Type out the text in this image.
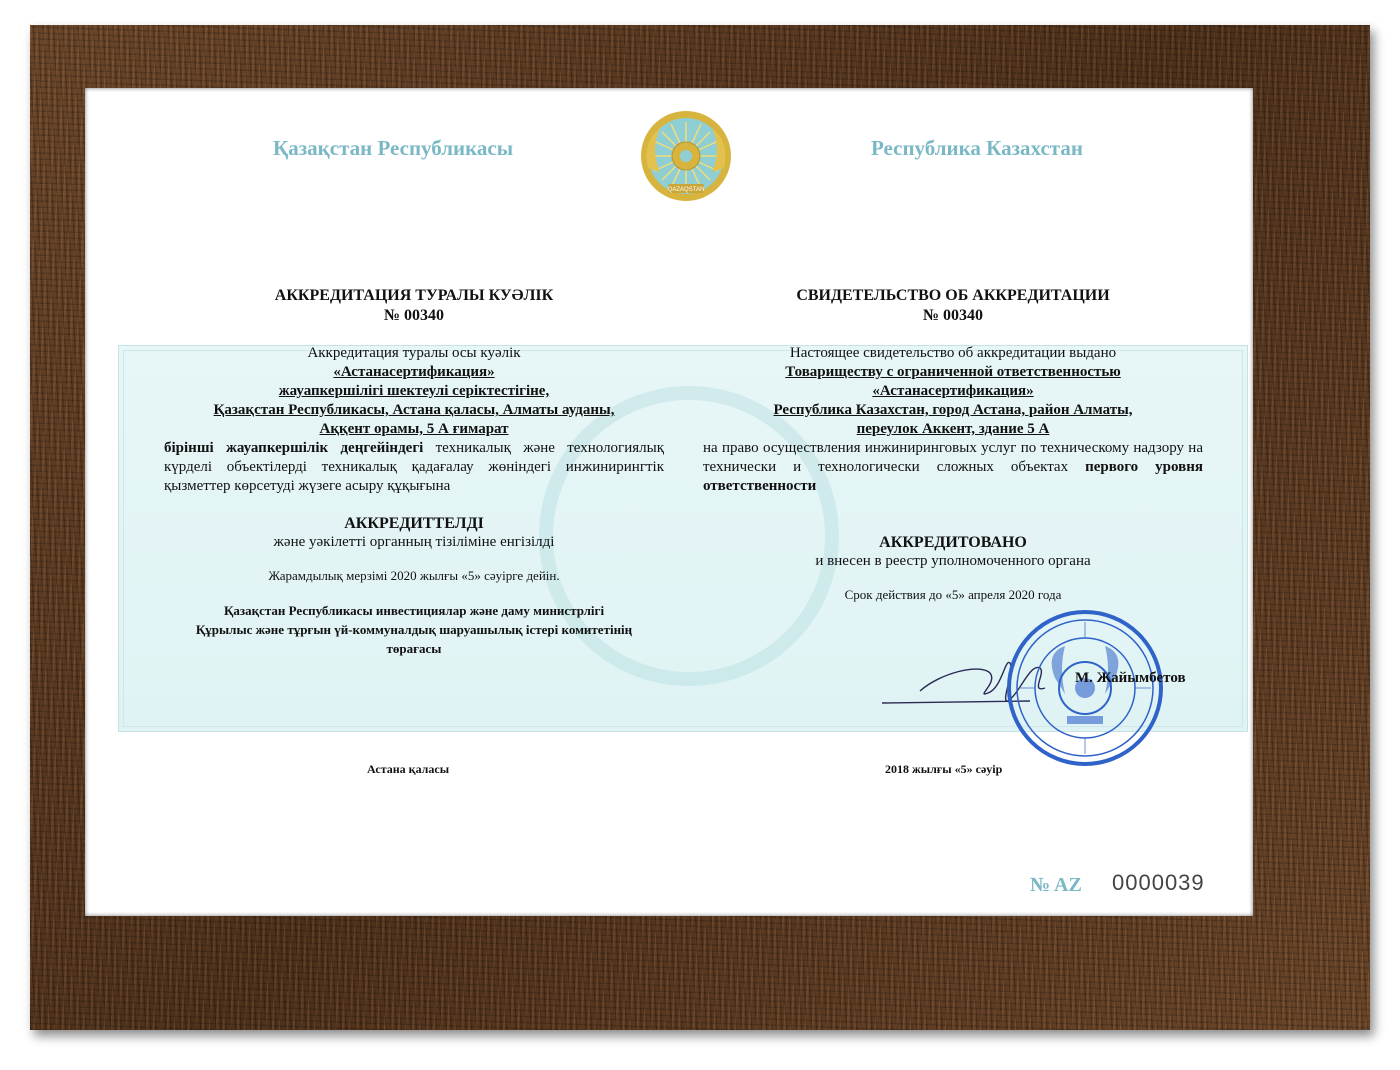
Қазақстан Республикасы	Республика Казахстан
QAZAQSTAN
АККРЕДИТАЦИЯ ТУРАЛЫ КУӘЛІК
№ 00340
Аккредитация туралы осы куәлік
«Астанасертификация»
жауапкершілігі шектеулі серіктестігіне,
Қазақстан Республикасы, Астана қаласы, Алматы ауданы,
Аққент орамы, 5 А ғимарат
бірінші жауапкершілік деңгейіндегі техникалық және технологиялық күрделі объектілерді техникалық қадағалау жөніндегі инжинирингтік қызметтер көрсетуді жүзеге асыру құқығына
АККРЕДИТТЕЛДІ
және уәкілетті органның тізіліміне енгізілді
Жарамдылық мерзімі 2020 жылғы «5» сәуірге дейін.
Қазақстан Республикасы инвестициялар және даму министрлігі
Құрылыс және тұрғын үй-коммуналдық шаруашылық істері комитетінің
төрағасы
СВИДЕТЕЛЬСТВО ОБ АККРЕДИТАЦИИ
№ 00340
Настоящее свидетельство об аккредитации выдано
Товариществу с ограниченной ответственностью
«Астанасертификация»
Республика Казахстан, город Астана, район Алматы,
переулок Аккент, здание 5 А
на право осуществления инжиниринговых услуг по техническому надзору на технически и технологически сложных объектах первого уровня ответственности
АККРЕДИТОВАНО
и внесен в реестр уполномоченного органа
Срок действия до «5» апреля 2020 года
М. Жайымбетов
Астана қаласы	2018 жылғы «5» сәуір
№ AZ 0000039
